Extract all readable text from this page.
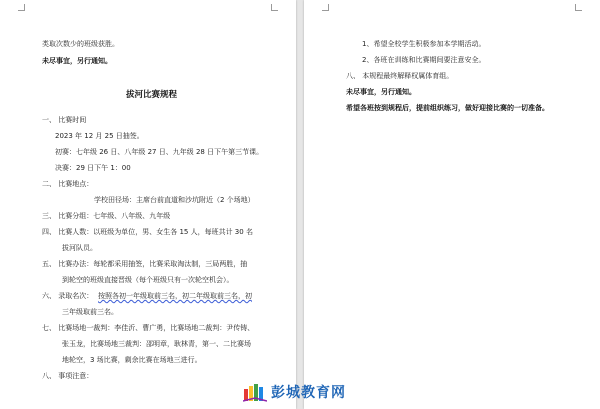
类取次数少的班级获胜。
未尽事宜，另行通知。
拔河比赛规程
一、 比赛时间
2023 年 12 月 25 日抽签。
初赛：七年级 26 日、八年级 27 日、九年级 28 日下午第三节课。
决赛：29 日下午 1：00
二、 比赛地点：
学校田径场：主席台前直道和沙坑附近（2 个场地）
三、 比赛分组：七年级、八年级、九年级
四、 比赛人数：以班级为单位，男、女生各 15 人，每班共计 30 名
拔河队员。
五、 比赛办法：每轮都采用抽签，比赛采取淘汰制，三局两胜，抽
到轮空的班级直接晋级（每个班级只有一次轮空机会）。
六、 录取名次： 按照各初一年级取前三名，初二年级取前三名，初
三年级取前三名。
七、 比赛场地一裁判：李佳沂、曹广勇，比赛场地二裁判：尹传铸、
张玉龙，比赛场地三裁判：邵明章，耿林青，第一、二比赛场
地轮空，3 场比赛，剩余比赛在场地三进行。
八、 事项注意：
1、希望全校学生积极参加本学期活动。
2、各班在训练和比赛期间要注意安全。
八、 本规程最终解释权属体育组。
未尽事宜，另行通知。
希望各班按到规程后，提前组织练习，做好迎接比赛的一切准备。
彭城教育网
